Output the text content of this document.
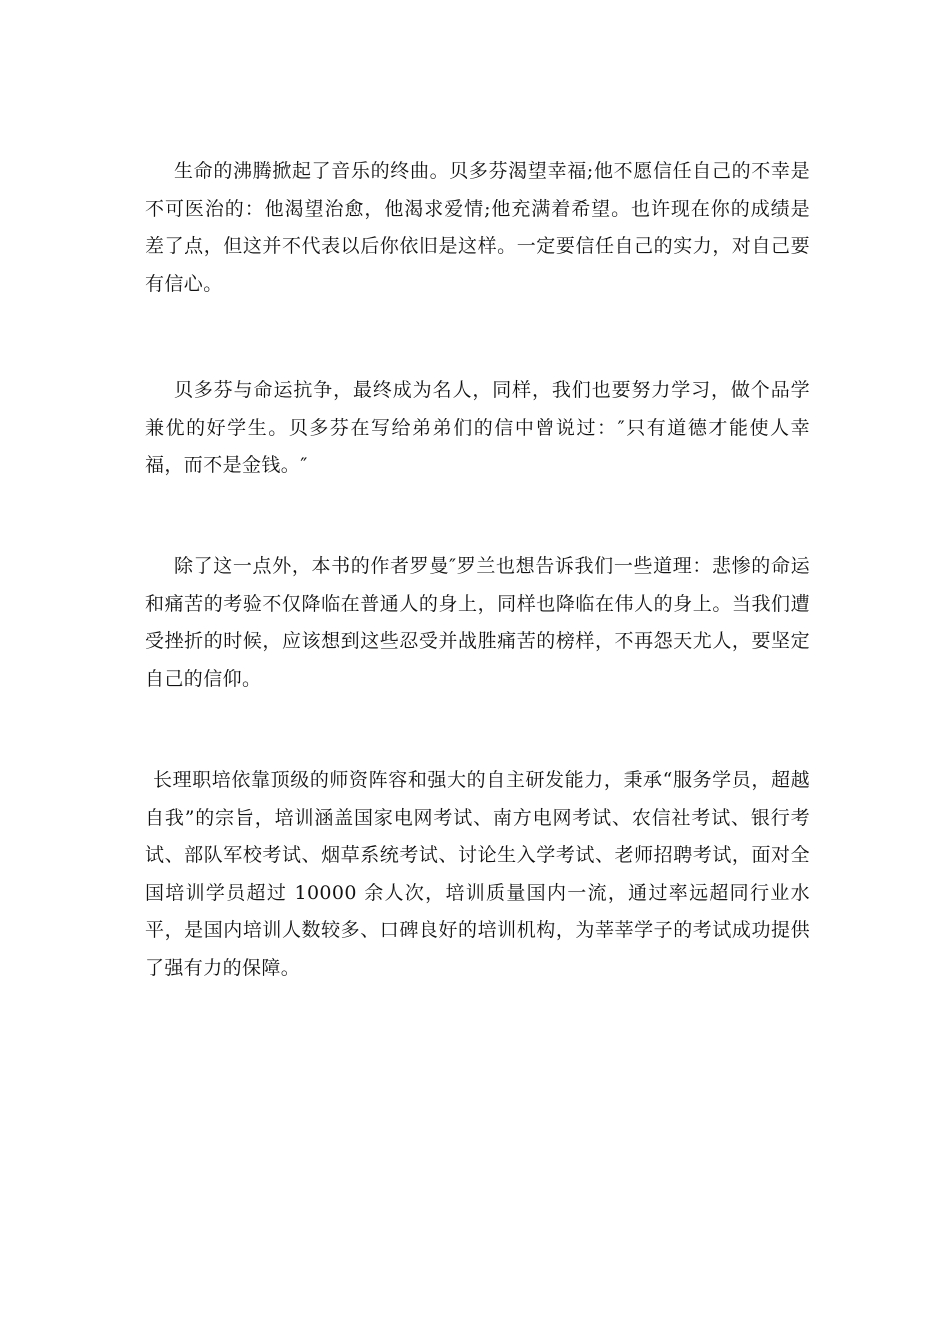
生命的沸腾掀起了音乐的终曲。贝多芬渴望幸福;他不愿信任自己的不幸是不可医治的：他渴望治愈，他渴求爱情;他充满着希望。也许现在你的成绩是差了点，但这并不代表以后你依旧是这样。一定要信任自己的实力，对自己要有信心。

贝多芬与命运抗争，最终成为名人，同样，我们也要努力学习，做个品学兼优的好学生。贝多芬在写给弟弟们的信中曾说过：″只有道德才能使人幸福，而不是金钱。″

除了这一点外，本书的作者罗曼″罗兰也想告诉我们一些道理：悲惨的命运和痛苦的考验不仅降临在普通人的身上，同样也降临在伟人的身上。当我们遭受挫折的时候，应该想到这些忍受并战胜痛苦的榜样，不再怨天尤人，要坚定自己的信仰。

长理职培依靠顶级的师资阵容和强大的自主研发能力，秉承“服务学员，超越自我”的宗旨，培训涵盖国家电网考试、南方电网考试、农信社考试、银行考试、部队军校考试、烟草系统考试、讨论生入学考试、老师招聘考试，面对全国培训学员超过 10000 余人次，培训质量国内一流，通过率远超同行业水平，是国内培训人数较多、口碑良好的培训机构，为莘莘学子的考试成功提供了强有力的保障。
